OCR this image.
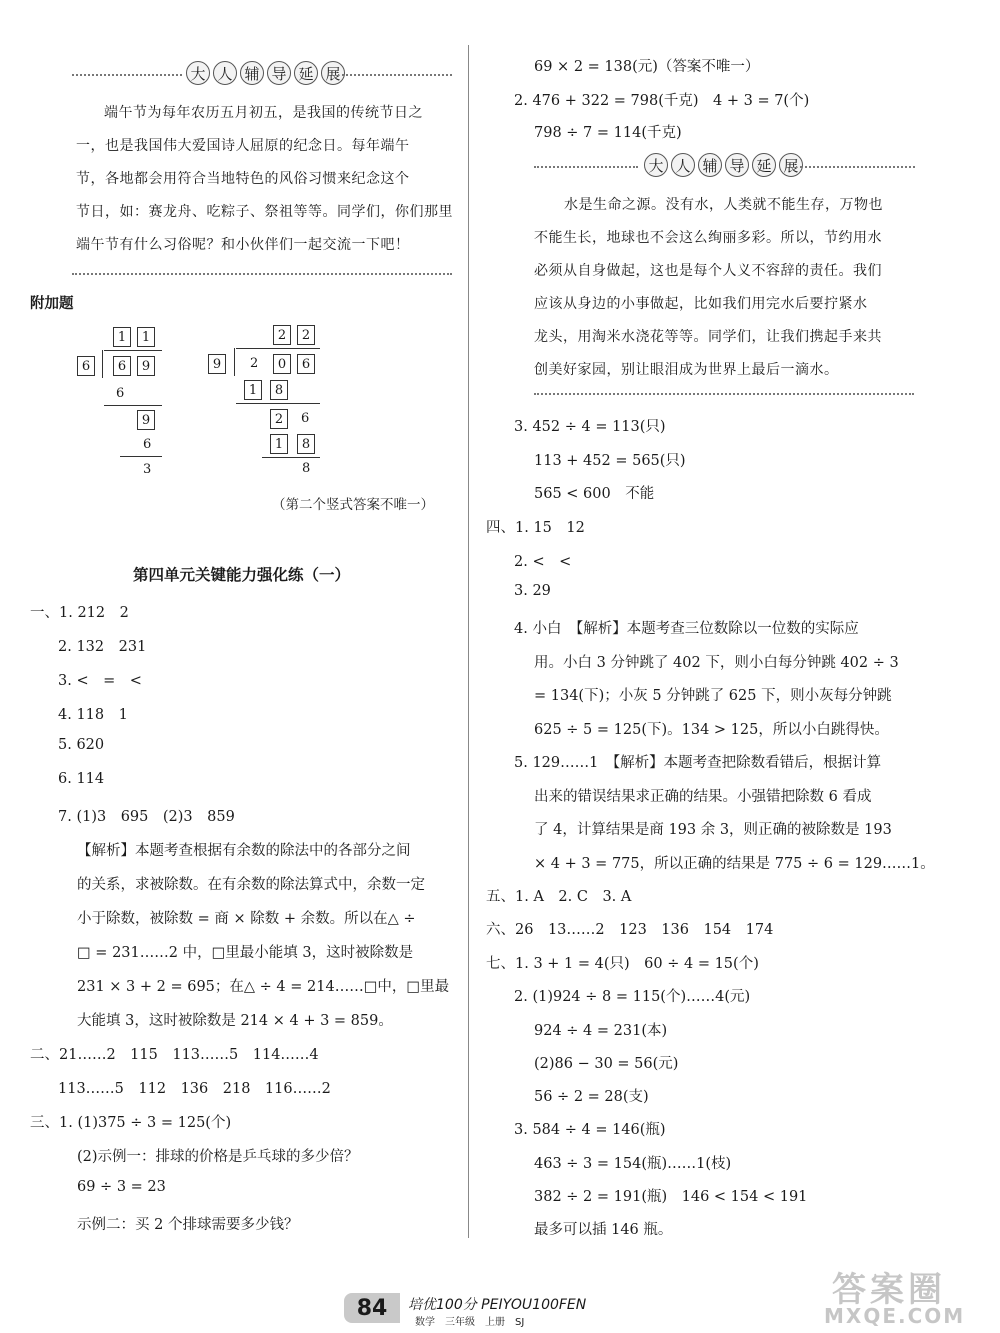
大 人 辅 导 延 展
端午节为每年农历五月初五，是我国的传统节日之
一，也是我国伟大爱国诗人屈原的纪念日。每年端午
节，各地都会用符合当地特色的风俗习惯来纪念这个
节日，如：赛龙舟、吃粽子、祭祖等等。同学们，你们那里
端午节有什么习俗呢？和小伙伴们一起交流一下吧！
附加题
1 1
6 6 9
6
9
6
3
2 2
9 2 0 6
1 8
2 6
1 8
8
（第二个竖式答案不唯一）
第四单元关键能力强化练（一）
一、1. 212　2
2. 132　231
3. <　=　<
4. 118　1
5. 620
6. 114
7. (1)3　695　(2)3　859
【解析】本题考查根据有余数的除法中的各部分之间
的关系，求被除数。在有余数的除法算式中，余数一定
小于除数，被除数 = 商 × 除数 + 余数。所以在△ ÷
□ = 231……2 中，□里最小能填 3，这时被除数是
231 × 3 + 2 = 695；在△ ÷ 4 = 214……□中，□里最
大能填 3，这时被除数是 214 × 4 + 3 = 859。
二、21……2　115　113……5　114……4
113……5　112　136　218　116……2
三、1. (1)375 ÷ 3 = 125(个)
(2)示例一：排球的价格是乒乓球的多少倍？
69 ÷ 3 = 23
示例二：买 2 个排球需要多少钱？
69 × 2 = 138(元)（答案不唯一）
2. 476 + 322 = 798(千克)　4 + 3 = 7(个)
798 ÷ 7 = 114(千克)
大 人 辅 导 延 展
水是生命之源。没有水，人类就不能生存，万物也
不能生长，地球也不会这么绚丽多彩。所以，节约用水
必须从自身做起，这也是每个人义不容辞的责任。我们
应该从身边的小事做起，比如我们用完水后要拧紧水
龙头，用淘米水浇花等等。同学们，让我们携起手来共
创美好家园，别让眼泪成为世界上最后一滴水。
3. 452 ÷ 4 = 113(只)
113 + 452 = 565(只)
565 < 600　不能
四、1. 15　12
2. <　<
3. 29
4. 小白　【解析】本题考查三位数除以一位数的实际应
用。小白 3 分钟跳了 402 下，则小白每分钟跳 402 ÷ 3
= 134(下)；小灰 5 分钟跳了 625 下，则小灰每分钟跳
625 ÷ 5 = 125(下)。134 > 125，所以小白跳得快。
5. 129……1　【解析】本题考查把除数看错后，根据计算
出来的错误结果求正确的结果。小强错把除数 6 看成
了 4，计算结果是商 193 余 3，则正确的被除数是 193
× 4 + 3 = 775，所以正确的结果是 775 ÷ 6 = 129……1。
五、1. A　2. C　3. A
六、26　13……2　123　136　154　174
七、1. 3 + 1 = 4(只)　60 ÷ 4 = 15(个)
2. (1)924 ÷ 8 = 115(个)……4(元)
924 ÷ 4 = 231(本)
(2)86 − 30 = 56(元)
56 ÷ 2 = 28(支)
3. 584 ÷ 4 = 146(瓶)
463 ÷ 3 = 154(瓶)……1(枝)
382 ÷ 2 = 191(瓶)　146 < 154 < 191
最多可以插 146 瓶。
84	培优100分 PEIYOU100FEN
数学　三年级　上册　SJ
答案圈
MXQE.COM
